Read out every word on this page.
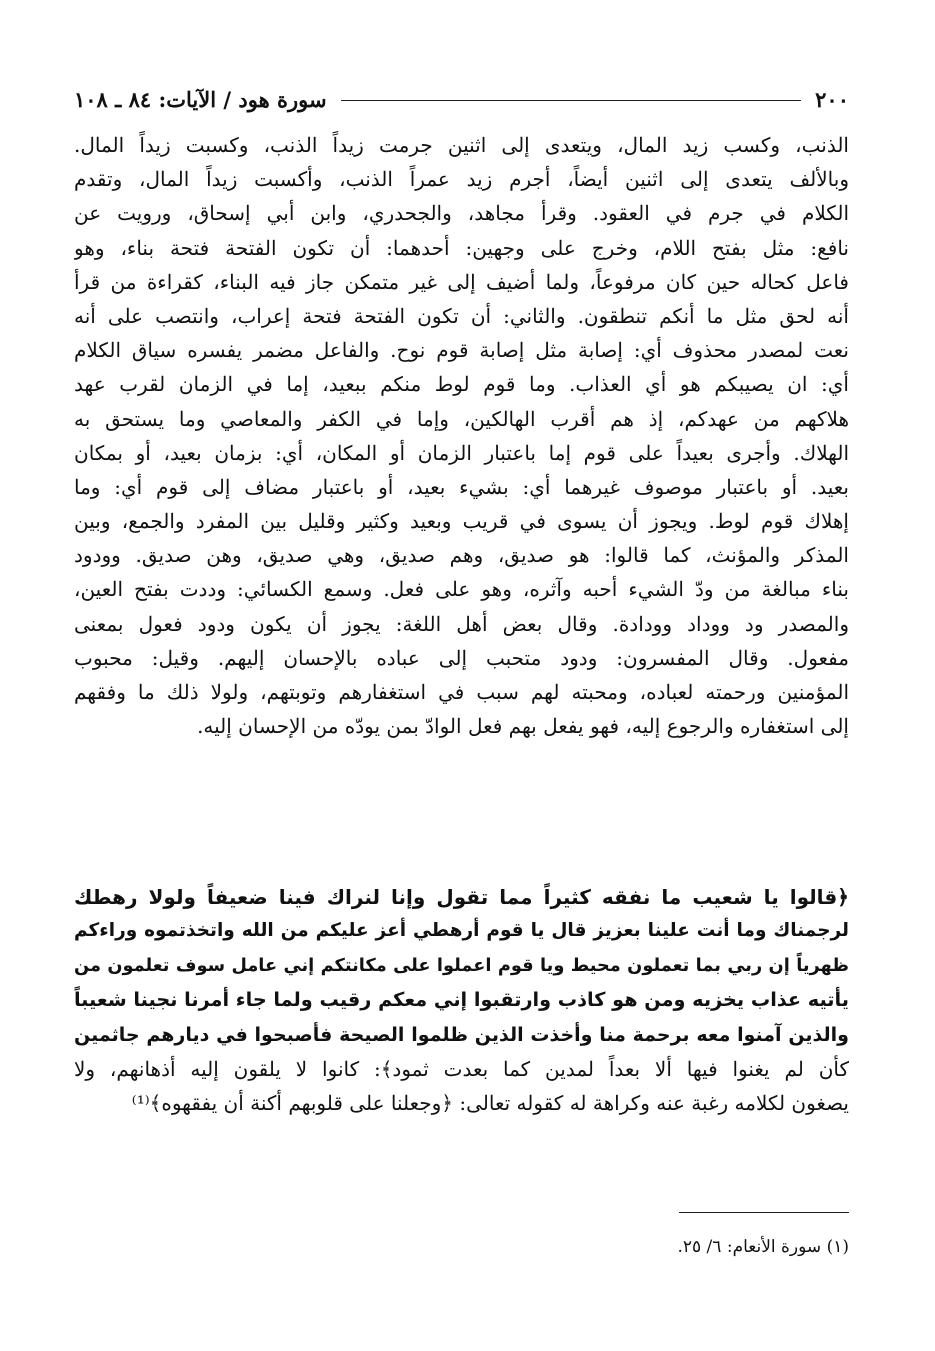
٢٠٠
سورة هود / الآيات: ٨٤ ـ ١٠٨
الذنب، وكسب زيد المال، ويتعدى إلى اثنين جرمت زيداً الذنب، وكسبت زيداً المال.
وبالألف يتعدى إلى اثنين أيضاً، أجرم زيد عمراً الذنب، وأكسبت زيداً المال، وتقدم
الكلام في جرم في العقود. وقرأ مجاهد، والجحدري، وابن أبي إسحاق، ورويت عن
نافع: مثل بفتح اللام، وخرج على وجهين: أحدهما: أن تكون الفتحة فتحة بناء، وهو
فاعل كحاله حين كان مرفوعاً، ولما أضيف إلى غير متمكن جاز فيه البناء، كقراءة من قرأ
أنه لحق مثل ما أنكم تنطقون. والثاني: أن تكون الفتحة فتحة إعراب، وانتصب على أنه
نعت لمصدر محذوف أي: إصابة مثل إصابة قوم نوح. والفاعل مضمر يفسره سياق الكلام
أي: ان يصيبكم هو أي العذاب. وما قوم لوط منكم ببعيد، إما في الزمان لقرب عهد
هلاكهم من عهدكم، إذ هم أقرب الهالكين، وإما في الكفر والمعاصي وما يستحق به
الهلاك. وأجرى بعيداً على قوم إما باعتبار الزمان أو المكان، أي: بزمان بعيد، أو بمكان
بعيد. أو باعتبار موصوف غيرهما أي: بشيء بعيد، أو باعتبار مضاف إلى قوم أي: وما
إهلاك قوم لوط. ويجوز أن يسوى في قريب وبعيد وكثير وقليل بين المفرد والجمع، وبين
المذكر والمؤنث، كما قالوا: هو صديق، وهم صديق، وهي صديق، وهن صديق. وودود
بناء مبالغة من ودّ الشيء أحبه وآثره، وهو على فعل. وسمع الكسائي: وددت بفتح العين،
والمصدر ود ووداد وودادة. وقال بعض أهل اللغة: يجوز أن يكون ودود فعول بمعنى
مفعول. وقال المفسرون: ودود متحبب إلى عباده بالإحسان إليهم. وقيل: محبوب
المؤمنين ورحمته لعباده، ومحبته لهم سبب في استغفارهم وتوبتهم، ولولا ذلك ما وفقهم
إلى استغفاره والرجوع إليه، فهو يفعل بهم فعل الوادّ بمن يودّه من الإحسان إليه.
﴿قالوا يا شعيب ما نفقه كثيراً مما تقول وإنا لنراك فينا ضعيفاً ولولا رهطك
لرجمناك وما أنت علينا بعزيز قال يا قوم أرهطي أعز عليكم من الله واتخذتموه وراءكم
ظهرياً إن ربي بما تعملون محيط ويا قوم اعملوا على مكانتكم إني عامل سوف تعلمون من
يأتيه عذاب يخزيه ومن هو كاذب وارتقبوا إني معكم رقيب ولما جاء أمرنا نجينا شعيباً
والذين آمنوا معه برحمة منا وأخذت الذين ظلموا الصيحة فأصبحوا في ديارهم جاثمين
كأن لم يغنوا فيها ألا بعداً لمدين كما بعدت ثمود﴾: كانوا لا يلقون إليه أذهانهم، ولا
يصغون لكلامه رغبة عنه وكراهة له كقوله تعالى: ﴿وجعلنا على قلوبهم أكنة أن يفقهوه﴾⁽¹⁾
(١) سورة الأنعام: ٦/ ٢٥.
